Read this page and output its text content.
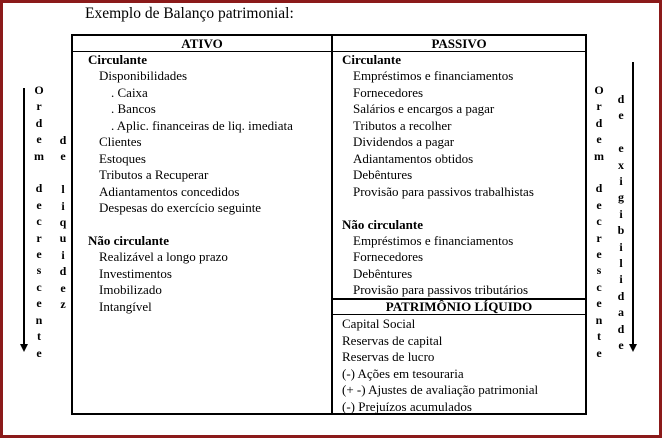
Exemplo de Balanço patrimonial:
O
r
d
e
m

d
e
c
r
e
s
c
e
n
t
e
d
e

l
i
q
u
i
d
e
z
O
r
d
e
m

d
e
c
r
e
s
c
e
n
t
e
d
e

e
x
i
g
i
b
i
l
i
d
a
d
e
ATIVO	PASSIVO
Circulante
Disponibilidades
. Caixa
. Bancos
. Aplic. financeiras de liq. imediata
Clientes
Estoques
Tributos a Recuperar
Adiantamentos concedidos
Despesas do exercício seguinte
Não circulante
Realizável a longo prazo
Investimentos
Imobilizado
Intangível
Circulante
Empréstimos e financiamentos
Fornecedores
Salários e encargos a pagar
Tributos a recolher
Dividendos a pagar
Adiantamentos obtidos
Debêntures
Provisão para passivos trabalhistas
Não circulante
Empréstimos e financiamentos
Fornecedores
Debêntures
Provisão para passivos tributários
PATRIMÔNIO LÍQUIDO
Capital Social
Reservas de capital
Reservas de lucro
(-) Ações em tesouraria
(+ -) Ajustes de avaliação patrimonial
(-) Prejuízos acumulados
